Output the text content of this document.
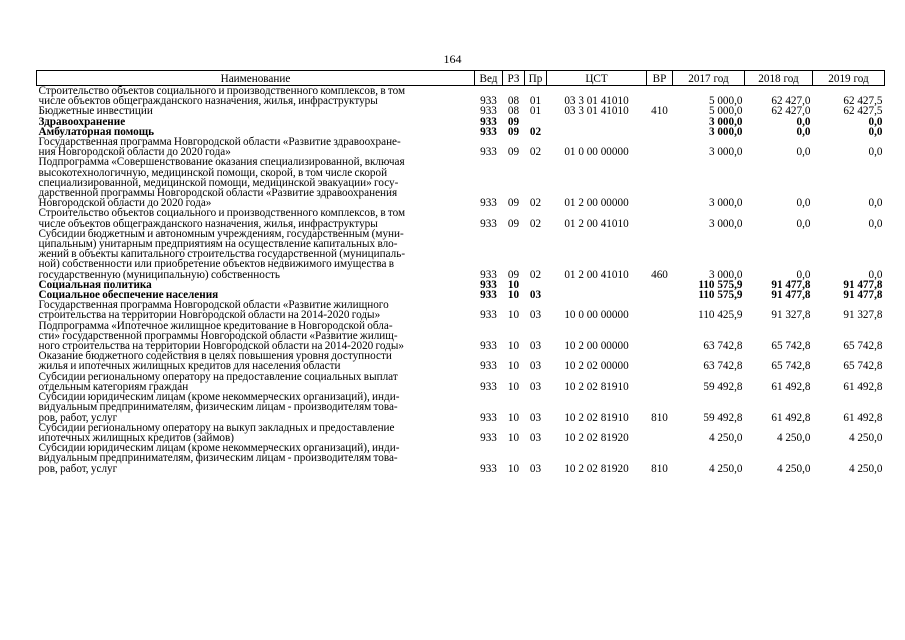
164
Наименование	Вед	РЗ	Пр	ЦСТ	ВР	2017 год	2018 год	2019 год

Строительство объектов социального и производственного комплексов, в том
числе объектов общегражданского назначения, жилья, инфраструктуры	933	08	01	03 3 01 41010		5 000,0	62 427,0	62 427,5

Бюджетные инвестиции	933	08	01	03 3 01 41010	410	5 000,0	62 427,0	62 427,5

Здравоохранение	933	09				3 000,0	0,0	0,0

Амбулаторная помощь	933	09	02			3 000,0	0,0	0,0

Государственная программа Новгородской области «Развитие здравоохране-
ния Новгородской области до 2020 года»	933	09	02	01 0 00 00000		3 000,0	0,0	0,0

Подпрограмма «Совершенствование оказания специализированной, включая
высокотехнологичную, медицинской помощи, скорой, в том числе скорой
специализированной, медицинской помощи, медицинской эвакуации» госу-
дарственной программы Новгородской области «Развитие здравоохранения
Новгородской области до 2020 года»	933	09	02	01 2 00 00000		3 000,0	0,0	0,0

Строительство объектов социального и производственного комплексов, в том
числе объектов общегражданского назначения, жилья, инфраструктуры	933	09	02	01 2 00 41010		3 000,0	0,0	0,0

Субсидии бюджетным и автономным учреждениям, государственным (муни-
ципальным) унитарным предприятиям на осуществление капитальных вло-
жений в объекты капитального строительства государственной (муниципаль-
ной) собственности или приобретение объектов недвижимого имущества в
государственную (муниципальную) собственность	933	09	02	01 2 00 41010	460	3 000,0	0,0	0,0

Социальная политика	933	10				110 575,9	91 477,8	91 477,8

Социальное обеспечение населения	933	10	03			110 575,9	91 477,8	91 477,8

Государственная программа Новгородской области «Развитие жилищного
строительства на территории Новгородской области на 2014-2020 годы»	933	10	03	10 0 00 00000		110 425,9	91 327,8	91 327,8

Подпрограмма «Ипотечное жилищное кредитование в Новгородской обла-
сти» государственной программы Новгородской области «Развитие жилищ-
ного строительства на территории Новгородской области на 2014-2020 годы»	933	10	03	10 2 00 00000		63 742,8	65 742,8	65 742,8

Оказание бюджетного содействия в целях повышения уровня доступности
жилья и ипотечных жилищных кредитов для населения области	933	10	03	10 2 02 00000		63 742,8	65 742,8	65 742,8

Субсидии региональному оператору на предоставление социальных выплат
отдельным категориям граждан	933	10	03	10 2 02 81910		59 492,8	61 492,8	61 492,8

Субсидии юридическим лицам (кроме некоммерческих организаций), инди-
видуальным предпринимателям, физическим лицам - производителям това-
ров, работ, услуг	933	10	03	10 2 02 81910	810	59 492,8	61 492,8	61 492,8

Субсидии региональному оператору на выкуп закладных и предоставление
ипотечных жилищных кредитов (займов)	933	10	03	10 2 02 81920		4 250,0	4 250,0	4 250,0

Субсидии юридическим лицам (кроме некоммерческих организаций), инди-
видуальным предпринимателям, физическим лицам - производителям това-
ров, работ, услуг	933	10	03	10 2 02 81920	810	4 250,0	4 250,0	4 250,0
